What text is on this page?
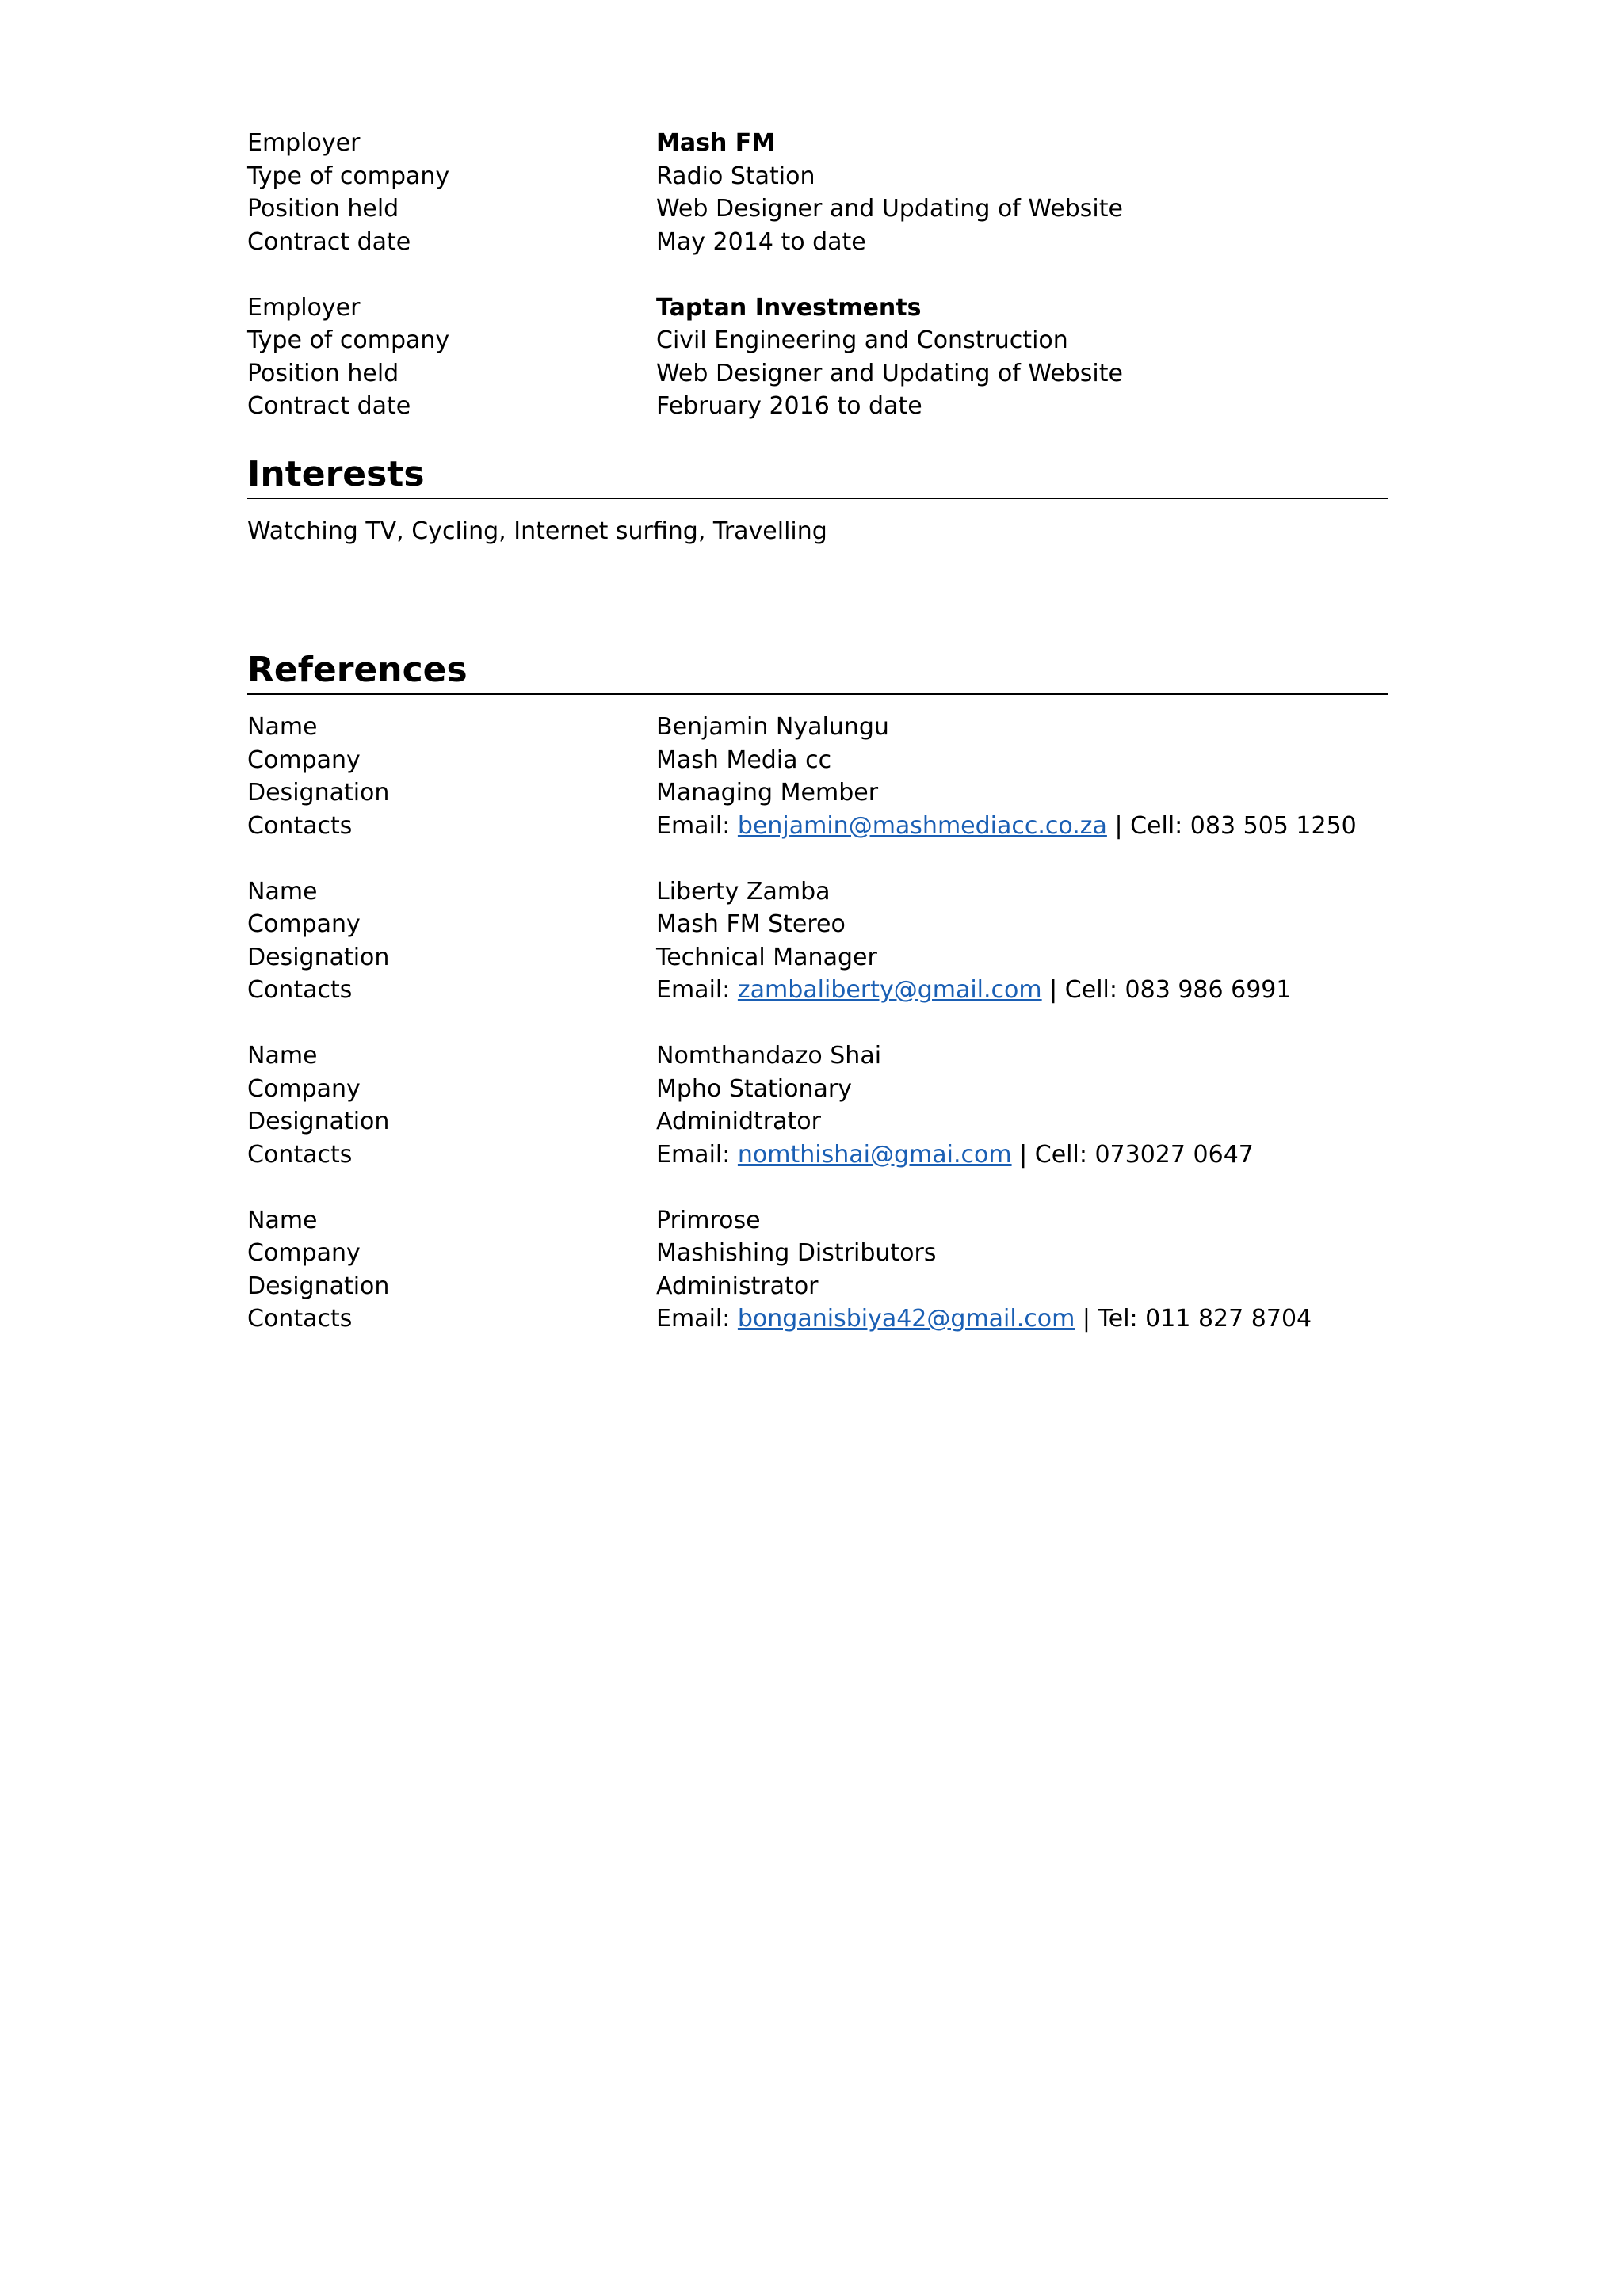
Employer	Mash FM
Type of company	Radio Station
Position held	Web Designer and Updating of Website
Contract date	May 2014 to date
Employer	Taptan Investments
Type of company	Civil Engineering and Construction
Position held	Web Designer and Updating of Website
Contract date	February 2016 to date
Interests
Watching TV, Cycling, Internet surfing, Travelling
References
Name	Benjamin Nyalungu
Company	Mash Media cc
Designation	Managing Member
Contacts	Email: benjamin@mashmediacc.co.za | Cell: 083 505 1250
Name	Liberty Zamba
Company	Mash FM Stereo
Designation	Technical Manager
Contacts	Email: zambaliberty@gmail.com | Cell: 083 986 6991
Name	Nomthandazo Shai
Company	Mpho Stationary
Designation	Adminidtrator
Contacts	Email: nomthishai@gmai.com | Cell: 073027 0647
Name	Primrose
Company	Mashishing Distributors
Designation	Administrator
Contacts	Email: bonganisbiya42@gmail.com | Tel: 011 827 8704
